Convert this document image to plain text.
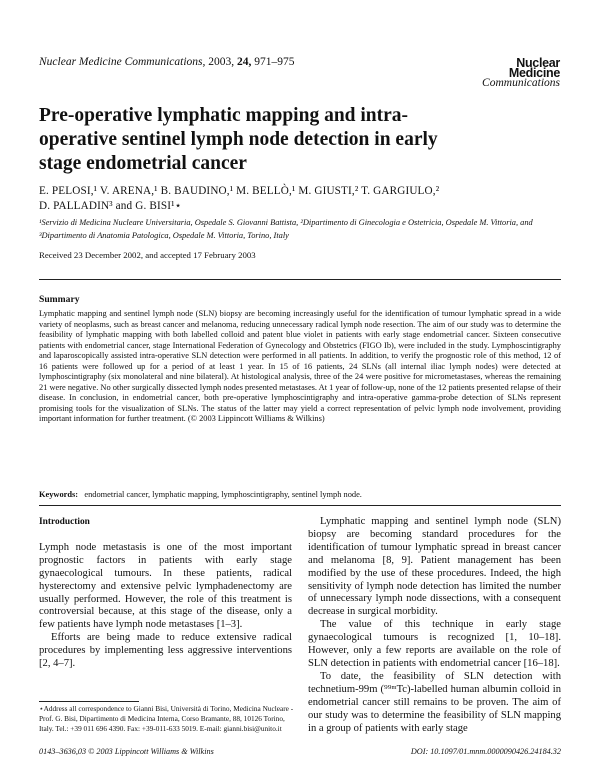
Nuclear Medicine Communications, 2003, 24, 971–975	Nuclear
Medicine
Communications
Pre-operative lymphatic mapping and intra-operative sentinel lymph node detection in early stage endometrial cancer
E. PELOSI,¹ V. ARENA,¹ B. BAUDINO,¹ M. BELLÒ,¹ M. GIUSTI,² T. GARGIULO,²
D. PALLADIN³ and G. BISI¹⋆
¹Servizio di Medicina Nucleare Universitaria, Ospedale S. Giovanni Battista, ²Dipartimento di Ginecologia e Ostetricia, Ospedale M. Vittoria, and ³Dipartimento di Anatomia Patologica, Ospedale M. Vittoria, Torino, Italy
Received 23 December 2002, and accepted 17 February 2003
Summary
Lymphatic mapping and sentinel lymph node (SLN) biopsy are becoming increasingly useful for the identification of tumour lymphatic spread in a wide variety of neoplasms, such as breast cancer and melanoma, reducing unnecessary radical lymph node resection. The aim of our study was to determine the feasibility of lymphatic mapping with both labelled colloid and patent blue violet in patients with early stage endometrial cancer. Sixteen consecutive patients with endometrial cancer, stage International Federation of Gynecology and Obstetrics (FIGO Ib), were included in the study. Lymphoscintigraphy and laparoscopically assisted intra-operative SLN detection were performed in all patients. In addition, to verify the prognostic role of this method, 12 of 16 patients were followed up for a period of at least 1 year. In 15 of 16 patients, 24 SLNs (all internal iliac lymph nodes) were detected at lymphoscintigraphy (six monolateral and nine bilateral). At histological analysis, three of the 24 were positive for micrometastases, whereas the remaining 21 were negative. No other surgically dissected lymph nodes presented metastases. At 1 year of follow-up, none of the 12 patients presented relapse of their disease. In conclusion, in endometrial cancer, both pre-operative lymphoscintigraphy and intra-operative gamma-probe detection of SLNs represent promising tools for the visualization of SLNs. The status of the latter may yield a correct representation of pelvic lymph node involvement, providing important information for further treatment. (© 2003 Lippincott Williams & Wilkins)
Keywords: endometrial cancer, lymphatic mapping, lymphoscintigraphy, sentinel lymph node.
Introduction

Lymph node metastasis is one of the most important prognostic factors in patients with early stage gynaecological tumours. In these patients, radical hysterectomy and extensive pelvic lymphadenectomy are usually performed. However, the role of this treatment is controversial because, at this stage of the disease, only a few patients have lymph node metastases [1–3].

Efforts are being made to reduce extensive radical procedures by implementing less aggressive interventions [2, 4–7].

Lymphatic mapping and sentinel lymph node (SLN) biopsy are becoming standard procedures for the identification of tumour lymphatic spread in breast cancer and melanoma [8, 9]. Patient management has been modified by the use of these procedures. Indeed, the high sensitivity of lymph node detection has limited the number of unnecessary lymph node dissections, with a consequent decrease in surgical morbidity.

The value of this technique in early stage gynaecological tumours is recognized [1, 10–18]. However, only a few reports are available on the role of SLN detection in patients with endometrial cancer [16–18].

To date, the feasibility of SLN detection with technetium-99m (⁹⁹ᵐTc)-labelled human albumin colloid in endometrial cancer still remains to be proven. The aim of our study was to determine the feasibility of SLN mapping in a group of patients with early stage

⋆Address all correspondence to Gianni Bisi, Università di Torino, Medicina Nucleare - Prof. G. Bisi, Dipartimento di Medicina Interna, Corso Bramante, 88, 10126 Torino, Italy. Tel.: +39 011 696 4390. Fax: +39-011-633 5019. E-mail: gianni.bisi@unito.it
0143–3636,03 © 2003 Lippincott Williams & Wilkins	DOI: 10.1097/01.mnm.0000090426.24184.32
